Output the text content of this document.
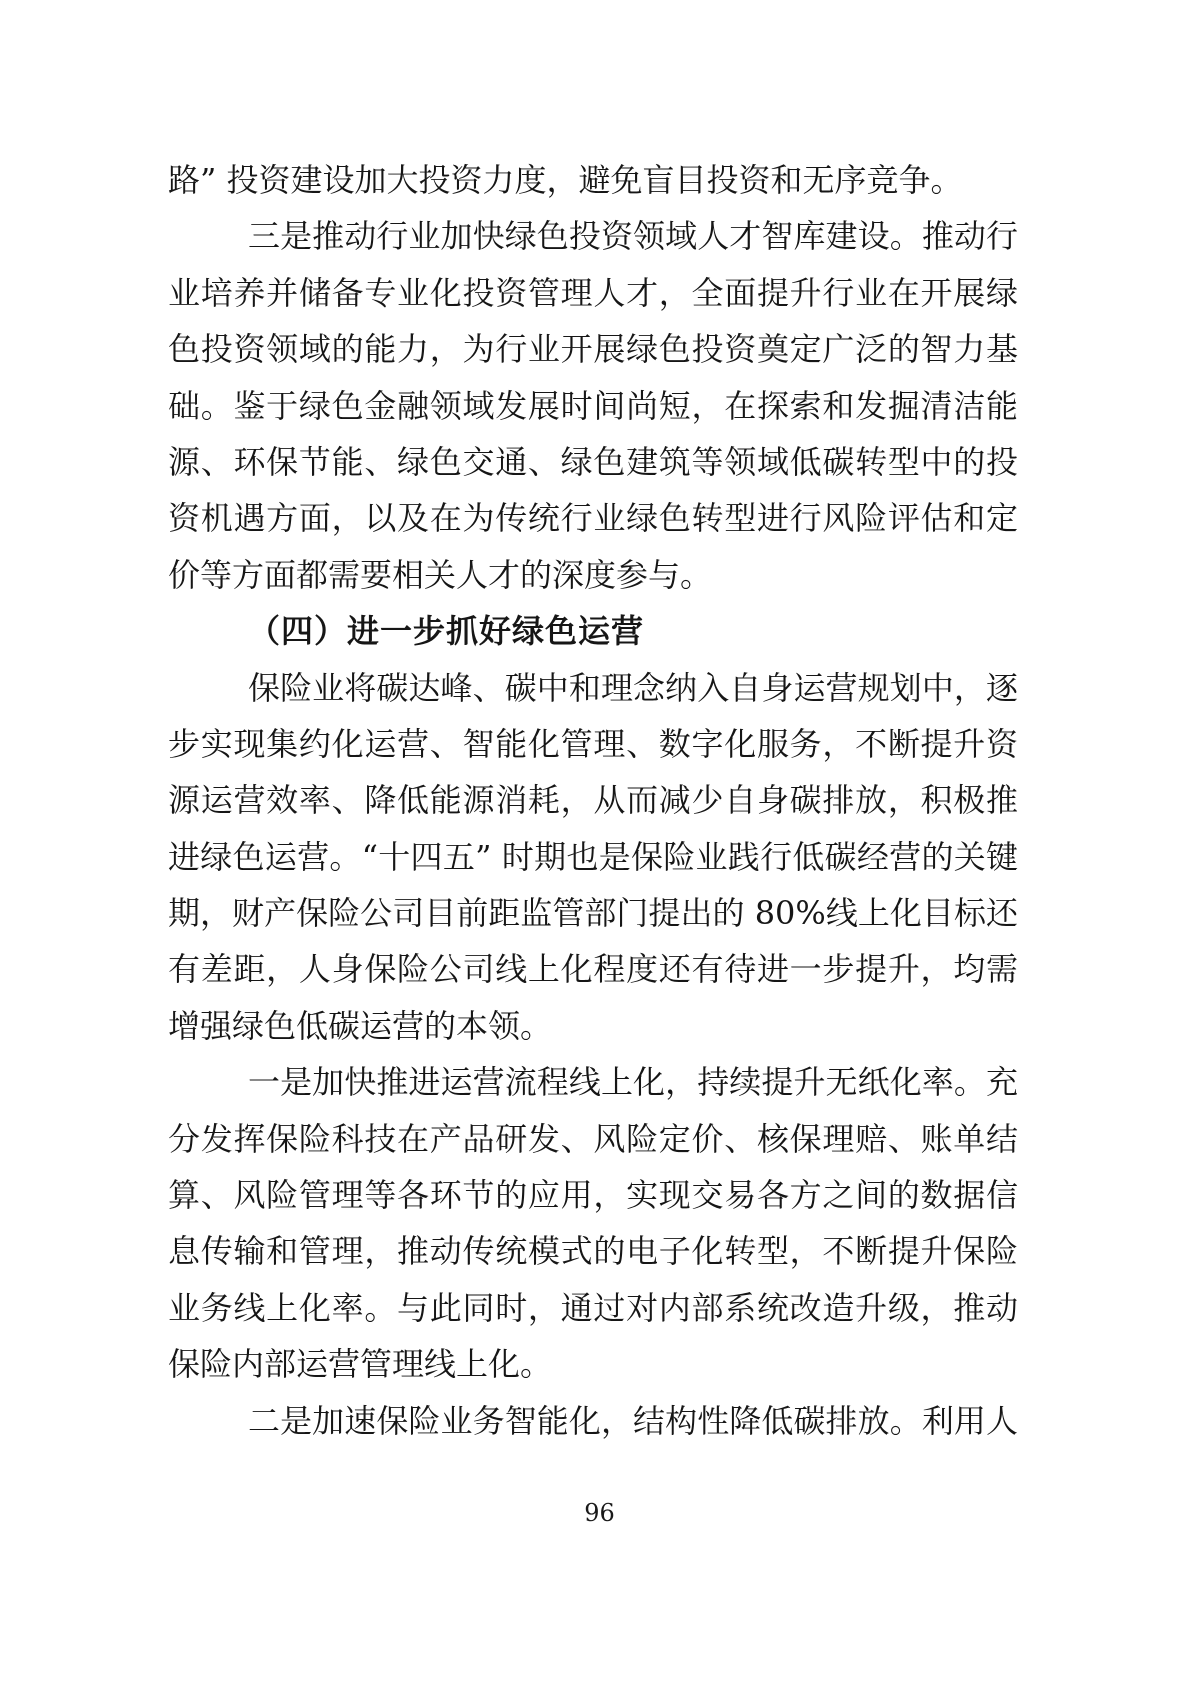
路” 投资建设加大投资力度，避免盲目投资和无序竞争。
三是推动行业加快绿色投资领域人才智库建设。推动行
业培养并储备专业化投资管理人才，全面提升行业在开展绿
色投资领域的能力，为行业开展绿色投资奠定广泛的智力基
础。鉴于绿色金融领域发展时间尚短，在探索和发掘清洁能
源、环保节能、绿色交通、绿色建筑等领域低碳转型中的投
资机遇方面，以及在为传统行业绿色转型进行风险评估和定
价等方面都需要相关人才的深度参与。
（四）进一步抓好绿色运营
保险业将碳达峰、碳中和理念纳入自身运营规划中，逐
步实现集约化运营、智能化管理、数字化服务，不断提升资
源运营效率、降低能源消耗，从而减少自身碳排放，积极推
进绿色运营。“十四五” 时期也是保险业践行低碳经营的关键
期，财产保险公司目前距监管部门提出的 80%线上化目标还
有差距，人身保险公司线上化程度还有待进一步提升，均需
增强绿色低碳运营的本领。
一是加快推进运营流程线上化，持续提升无纸化率。充
分发挥保险科技在产品研发、风险定价、核保理赔、账单结
算、风险管理等各环节的应用，实现交易各方之间的数据信
息传输和管理，推动传统模式的电子化转型，不断提升保险
业务线上化率。与此同时，通过对内部系统改造升级，推动
保险内部运营管理线上化。
二是加速保险业务智能化，结构性降低碳排放。利用人
96
